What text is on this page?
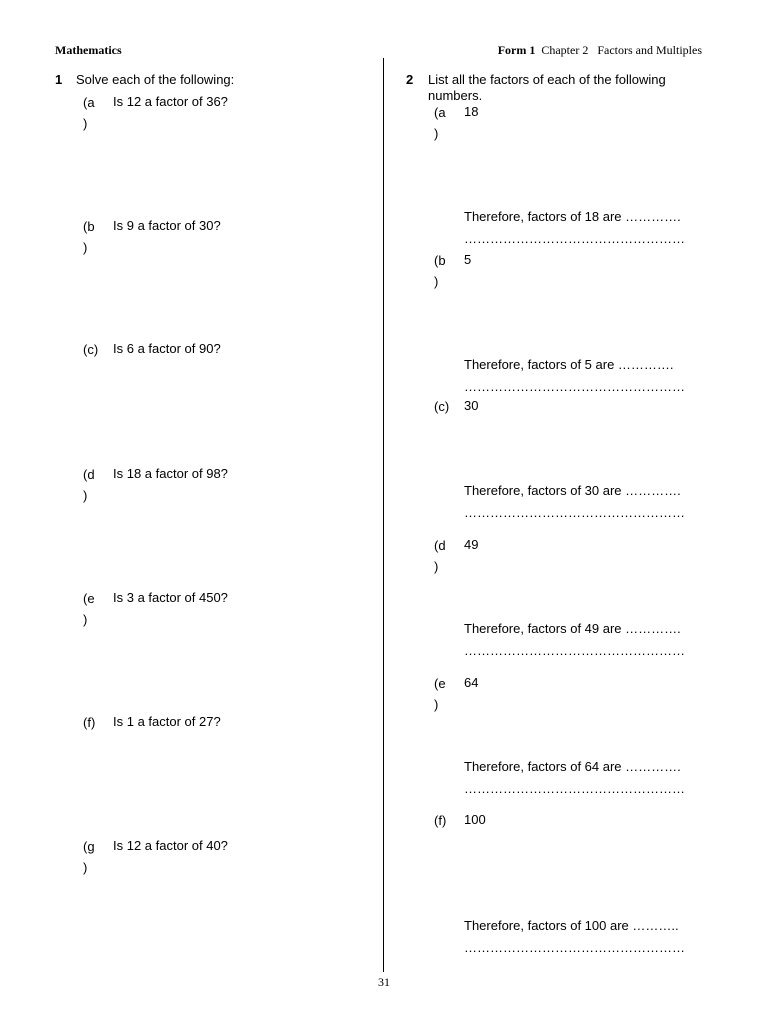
Mathematics	Form 1 Chapter 2 Factors and Multiples
1 Solve each of the following:
(a
)
Is 12 a factor of 36?
(b
)
Is 9 a factor of 30?
(c)	Is 6 a factor of 90?
(d
)
Is 18 a factor of 98?
(e
)
Is 3 a factor of 450?
(f)	Is 1 a factor of 27?
(g
)
Is 12 a factor of 40?
2 List all the factors of each of the following numbers.
(a
)
18
Therefore, factors of 18 are ………….
……………………………………………
(b
)
5
Therefore, factors of 5 are ………….
……………………………………………
(c)	30
Therefore, factors of 30 are ………….
……………………………………………
(d
)
49
Therefore, factors of 49 are ………….
……………………………………………
(e
)
64
Therefore, factors of 64 are ………….
……………………………………………
(f)	100
Therefore, factors of 100 are ………..
……………………………………………
31
